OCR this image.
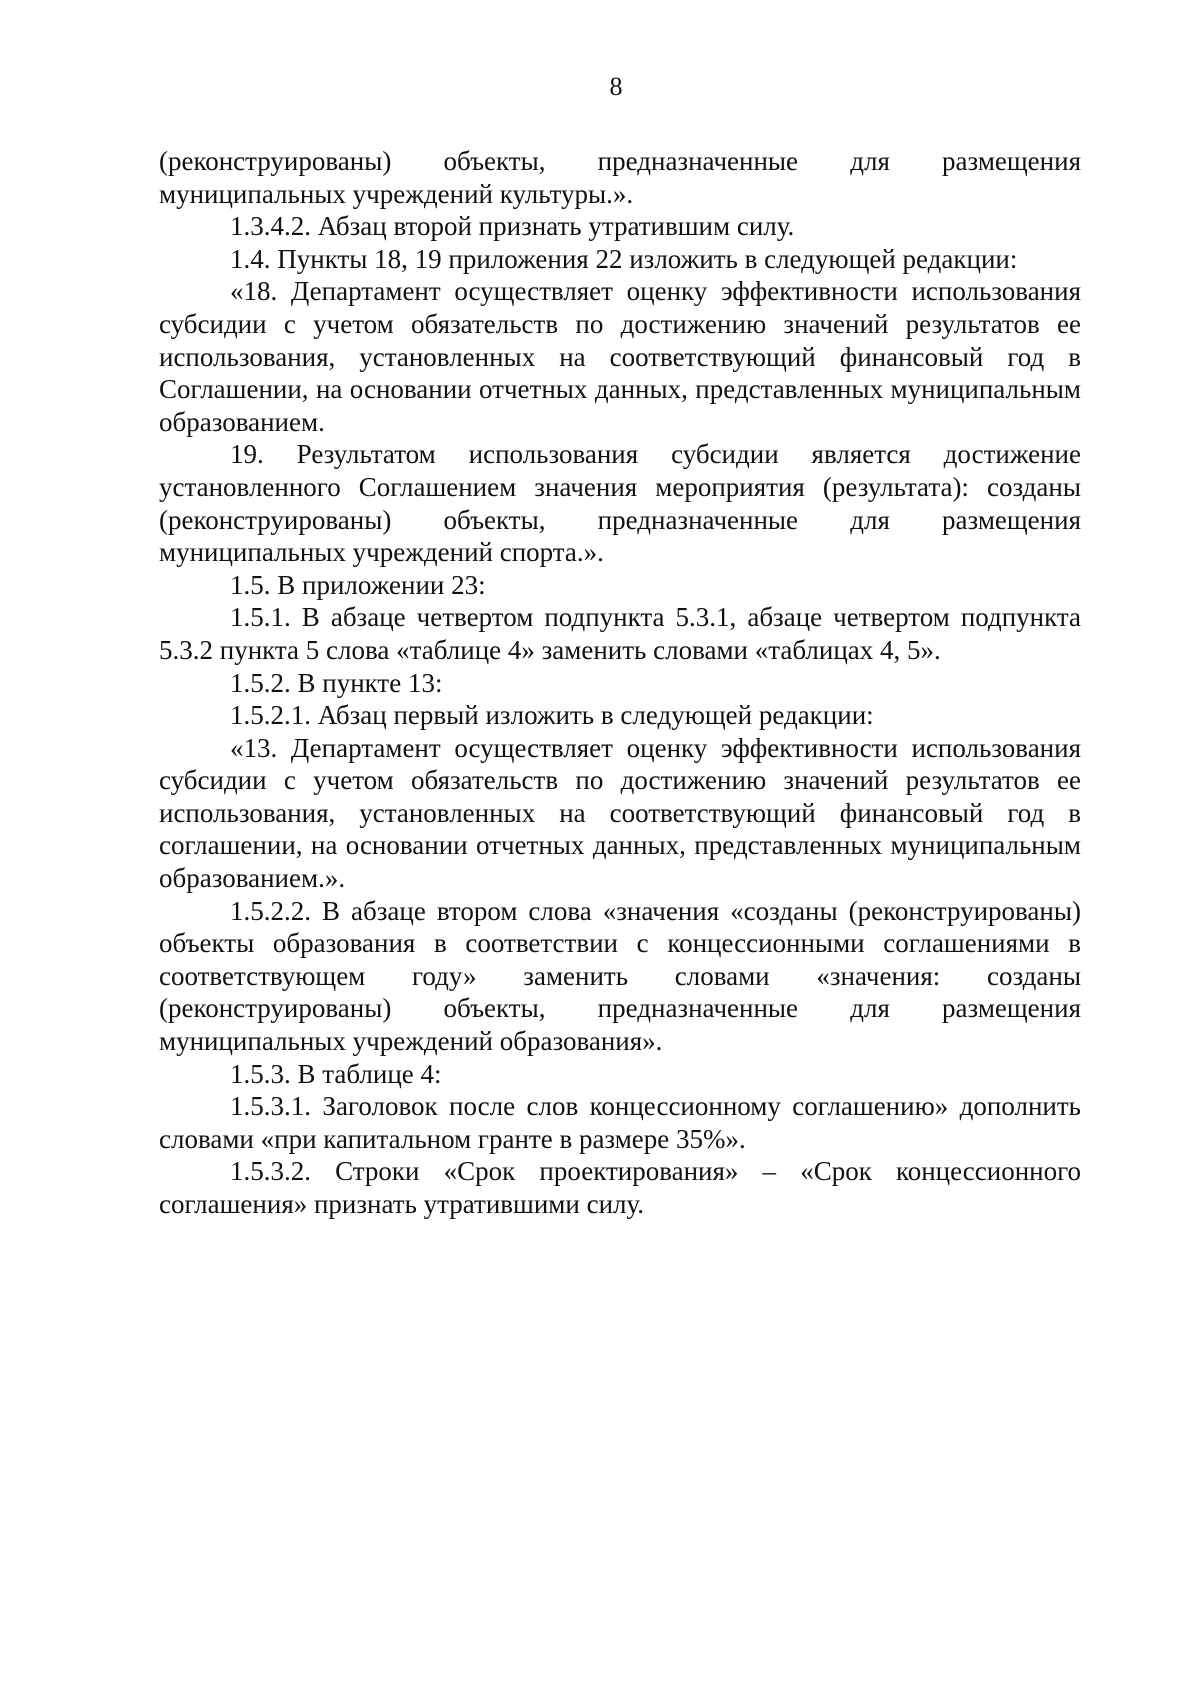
8

(реконструированы) объекты, предназначенные для размещения муниципальных учреждений культуры.».

1.3.4.2. Абзац второй признать утратившим силу.

1.4. Пункты 18, 19 приложения 22 изложить в следующей редакции:

«18. Департамент осуществляет оценку эффективности использования субсидии с учетом обязательств по достижению значений результатов ее использования, установленных на соответствующий финансовый год в Соглашении, на основании отчетных данных, представленных муниципальным образованием.

19. Результатом использования субсидии является достижение установленного Соглашением значения мероприятия (результата): созданы (реконструированы) объекты, предназначенные для размещения муниципальных учреждений спорта.».

1.5. В приложении 23:

1.5.1. В абзаце четвертом подпункта 5.3.1, абзаце четвертом подпункта 5.3.2 пункта 5 слова «таблице 4» заменить словами «таблицах 4, 5».

1.5.2. В пункте 13:

1.5.2.1. Абзац первый изложить в следующей редакции:

«13. Департамент осуществляет оценку эффективности использования субсидии с учетом обязательств по достижению значений результатов ее использования, установленных на соответствующий финансовый год в соглашении, на основании отчетных данных, представленных муниципальным образованием.».

1.5.2.2. В абзаце втором слова «значения «созданы (реконструированы) объекты образования в соответствии с концессионными соглашениями в соответствующем году» заменить словами «значения: созданы (реконструированы) объекты, предназначенные для размещения муниципальных учреждений образования».

1.5.3. В таблице 4:

1.5.3.1. Заголовок после слов концессионному соглашению» дополнить словами «при капитальном гранте в размере 35%».

1.5.3.2. Строки «Срок проектирования» – «Срок концессионного соглашения» признать утратившими силу.
